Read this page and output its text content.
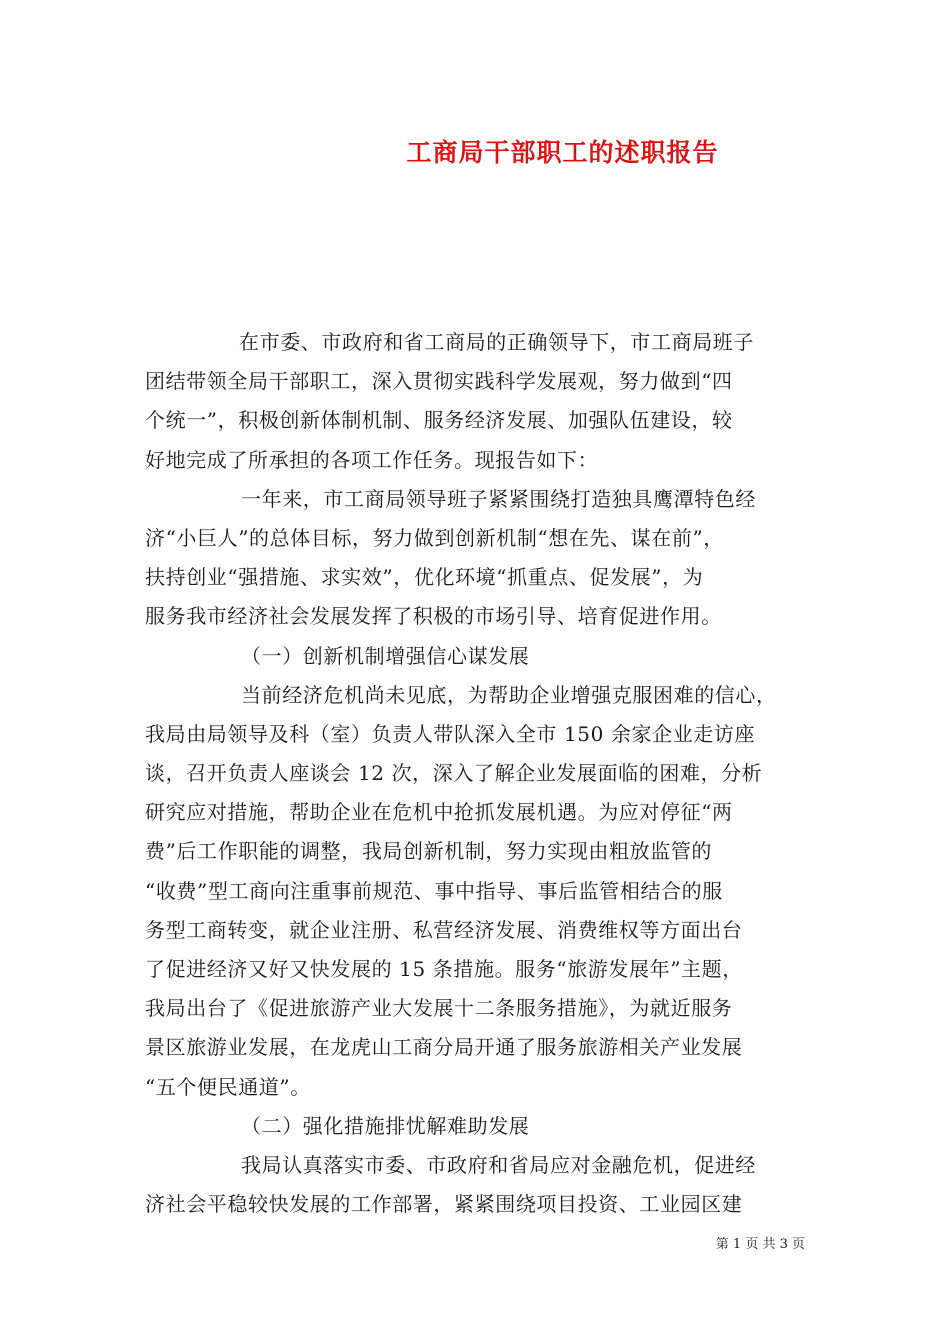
工商局干部职工的述职报告
在市委、市政府和省工商局的正确领导下，市工商局班子
团结带领全局干部职工，深入贯彻实践科学发展观，努力做到“四
个统一”，积极创新体制机制、服务经济发展、加强队伍建设，较
好地完成了所承担的各项工作任务。现报告如下：
一年来，市工商局领导班子紧紧围绕打造独具鹰潭特色经
济“小巨人”的总体目标，努力做到创新机制“想在先、谋在前”，
扶持创业“强措施、求实效”，优化环境“抓重点、促发展”，为
服务我市经济社会发展发挥了积极的市场引导、培育促进作用。
（一）创新机制增强信心谋发展
当前经济危机尚未见底，为帮助企业增强克服困难的信心，
我局由局领导及科（室）负责人带队深入全市 150 余家企业走访座
谈，召开负责人座谈会 12 次，深入了解企业发展面临的困难，分析
研究应对措施，帮助企业在危机中抢抓发展机遇。为应对停征“两
费”后工作职能的调整，我局创新机制，努力实现由粗放监管的
“收费”型工商向注重事前规范、事中指导、事后监管相结合的服
务型工商转变，就企业注册、私营经济发展、消费维权等方面出台
了促进经济又好又快发展的 15 条措施。服务“旅游发展年”主题，
我局出台了《促进旅游产业大发展十二条服务措施》，为就近服务
景区旅游业发展，在龙虎山工商分局开通了服务旅游相关产业发展
“五个便民通道”。
（二）强化措施排忧解难助发展
我局认真落实市委、市政府和省局应对金融危机，促进经
济社会平稳较快发展的工作部署，紧紧围绕项目投资、工业园区建
第 1 页 共 3 页
